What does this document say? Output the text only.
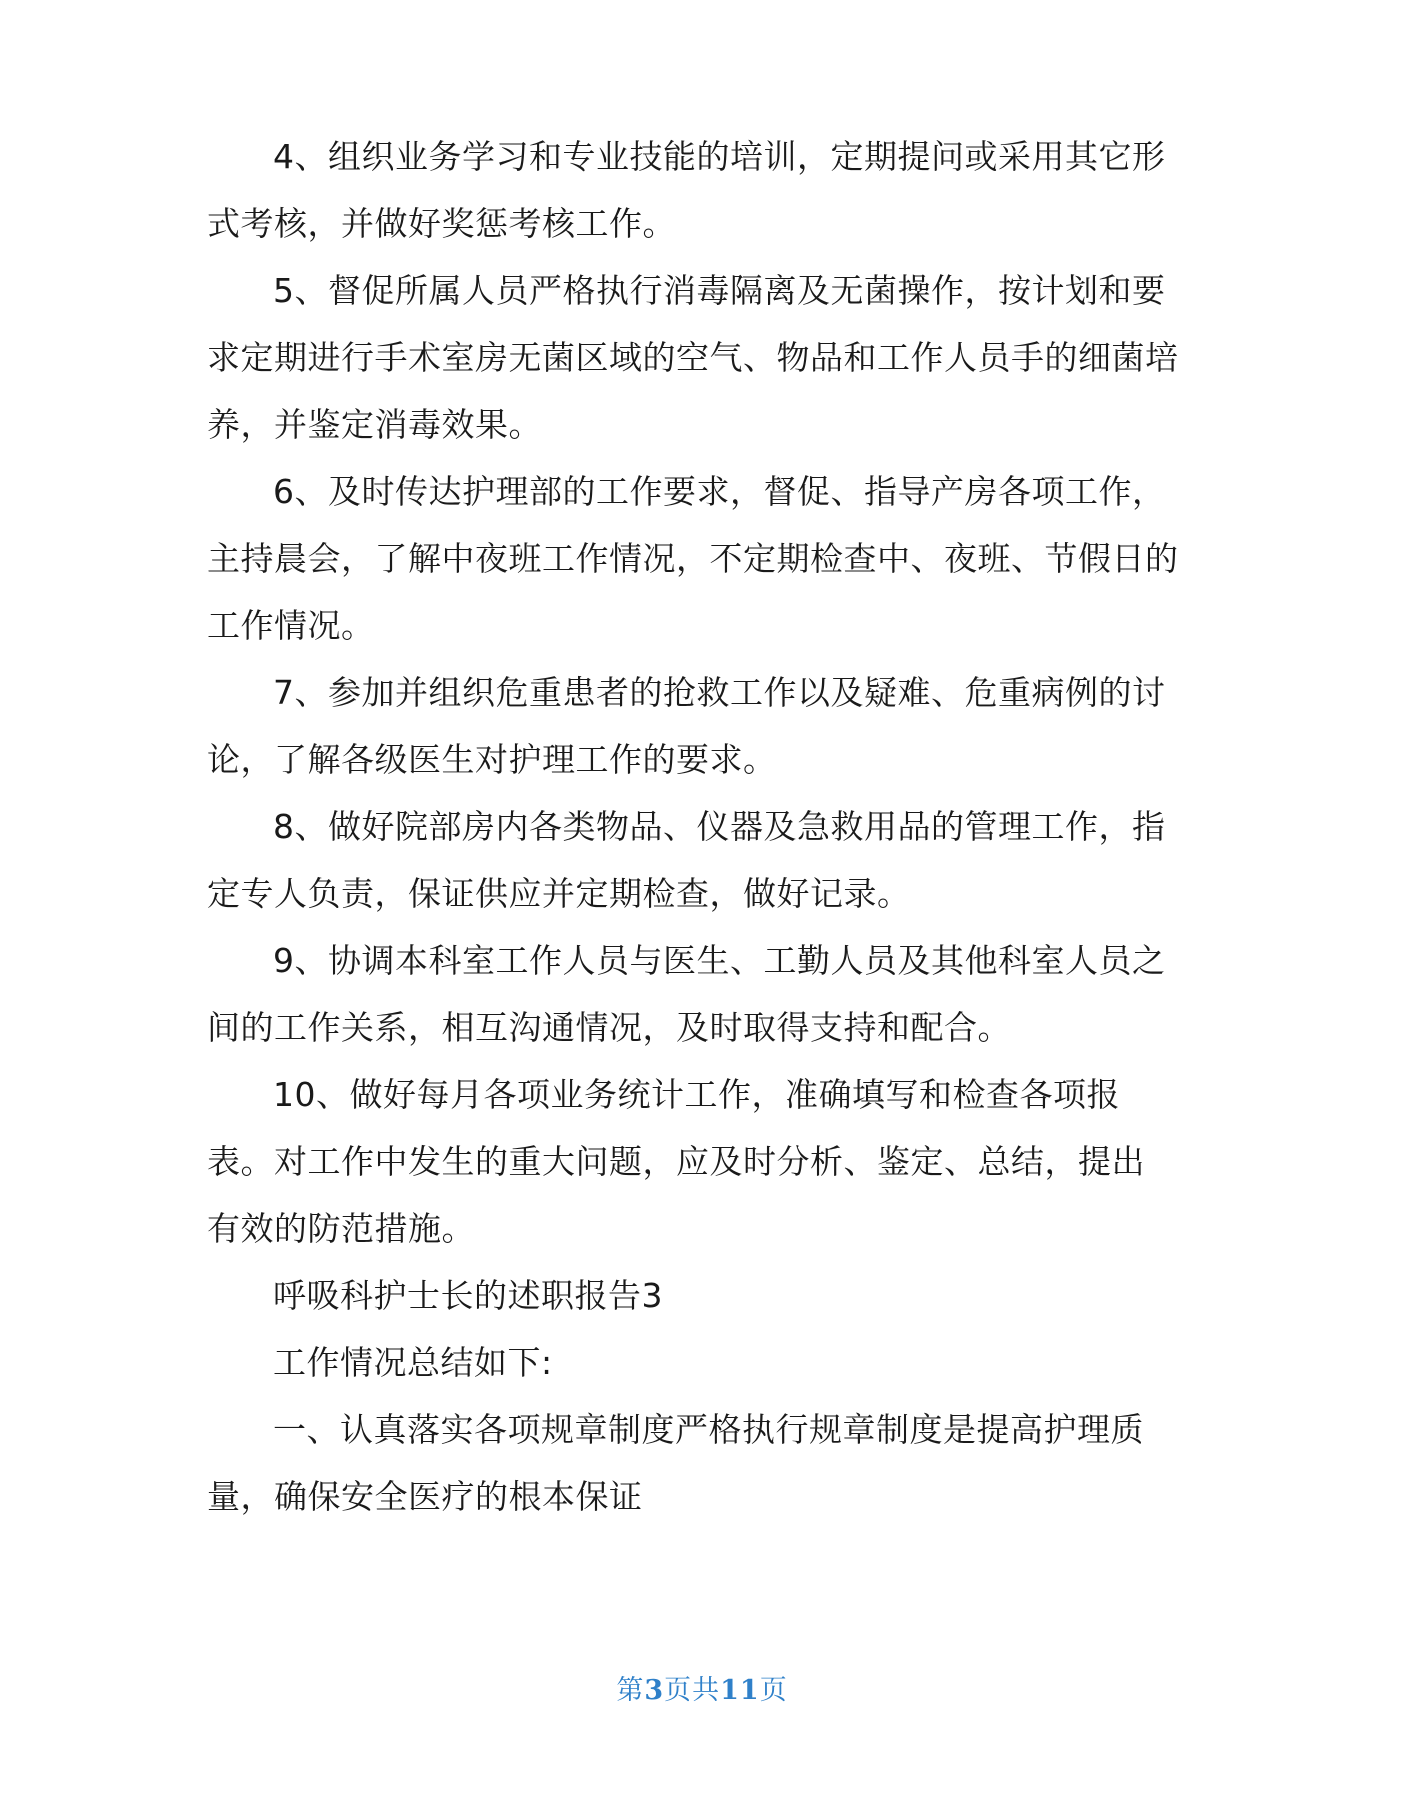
4、组织业务学习和专业技能的培训，定期提问或采用其它形式考核，并做好奖惩考核工作。

5、督促所属人员严格执行消毒隔离及无菌操作，按计划和要求定期进行手术室房无菌区域的空气、物品和工作人员手的细菌培养，并鉴定消毒效果。

6、及时传达护理部的工作要求，督促、指导产房各项工作，主持晨会，了解中夜班工作情况，不定期检查中、夜班、节假日的工作情况。

7、参加并组织危重患者的抢救工作以及疑难、危重病例的讨论，了解各级医生对护理工作的要求。

8、做好院部房内各类物品、仪器及急救用品的管理工作，指定专人负责，保证供应并定期检查，做好记录。

9、协调本科室工作人员与医生、工勤人员及其他科室人员之间的工作关系，相互沟通情况，及时取得支持和配合。

10、做好每月各项业务统计工作，准确填写和检查各项报表。对工作中发生的重大问题，应及时分析、鉴定、总结，提出有效的防范措施。

呼吸科护士长的述职报告3

工作情况总结如下:

一、认真落实各项规章制度严格执行规章制度是提高护理质量，确保安全医疗的根本保证

第3页共11页
